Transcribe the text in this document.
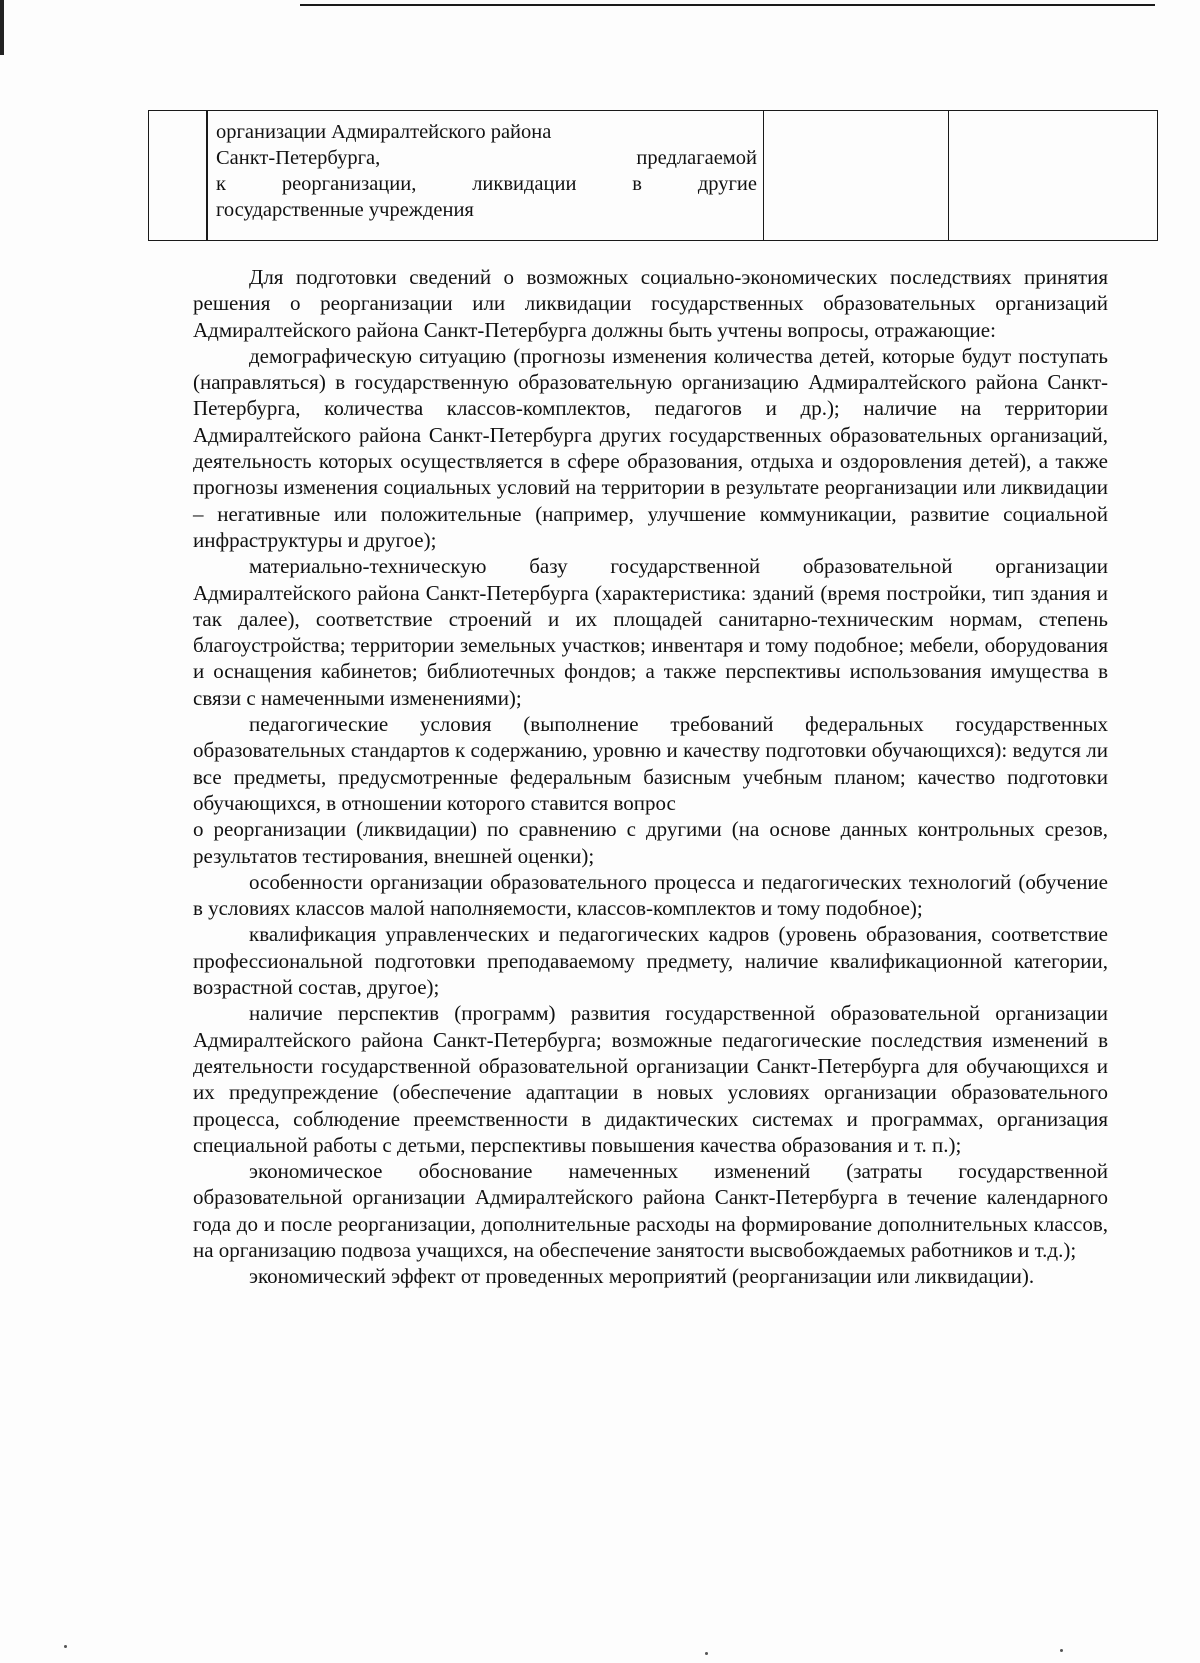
организации Адмиралтейского района
Санкт-Петербурга,	предлагаемой
к	реорганизации,	ликвидации	в	другие
государственные учреждения

Для подготовки сведений о возможных социально-экономических последствиях принятия решения о реорганизации или ликвидации государственных образовательных организаций Адмиралтейского района Санкт-Петербурга должны быть учтены вопросы, отражающие:

демографическую ситуацию (прогнозы изменения количества детей, которые будут поступать (направляться) в государственную образовательную организацию Адмиралтейского района Санкт-Петербурга, количества классов-комплектов, педагогов и др.); наличие на территории Адмиралтейского района Санкт-Петербурга других государственных образовательных организаций, деятельность которых осуществляется в сфере образования, отдыха и оздоровления детей), а также прогнозы изменения социальных условий на территории в результате реорганизации или ликвидации – негативные или положительные (например, улучшение коммуникации, развитие социальной инфраструктуры и другое);

материально-техническую базу государственной образовательной организации Адмиралтейского района Санкт-Петербурга (характеристика: зданий (время постройки, тип здания и так далее), соответствие строений и их площадей санитарно-техническим нормам, степень благоустройства; территории земельных участков; инвентаря и тому подобное; мебели, оборудования и оснащения кабинетов; библиотечных фондов; а также перспективы использования имущества в связи с намеченными изменениями);

педагогические условия (выполнение требований федеральных государственных образовательных стандартов к содержанию, уровню и качеству подготовки обучающихся): ведутся ли все предметы, предусмотренные федеральным базисным учебным планом; качество подготовки обучающихся, в отношении которого ставится вопрос

о реорганизации (ликвидации) по сравнению с другими (на основе данных контрольных срезов, результатов тестирования, внешней оценки);

особенности организации образовательного процесса и педагогических технологий (обучение в условиях классов малой наполняемости, классов-комплектов и тому подобное);

квалификация управленческих и педагогических кадров (уровень образования, соответствие профессиональной подготовки преподаваемому предмету, наличие квалификационной категории, возрастной состав, другое);

наличие перспектив (программ) развития государственной образовательной организации Адмиралтейского района Санкт-Петербурга; возможные педагогические последствия изменений в деятельности государственной образовательной организации Санкт-Петербурга для обучающихся и их предупреждение (обеспечение адаптации в новых условиях организации образовательного процесса, соблюдение преемственности в дидактических системах и программах, организация специальной работы с детьми, перспективы повышения качества образования и т. п.);

экономическое обоснование намеченных изменений (затраты государственной образовательной организации Адмиралтейского района Санкт-Петербурга в течение календарного года до и после реорганизации, дополнительные расходы на формирование дополнительных классов, на организацию подвоза учащихся, на обеспечение занятости высвобождаемых работников и т.д.);

экономический эффект от проведенных мероприятий (реорганизации или ликвидации).
